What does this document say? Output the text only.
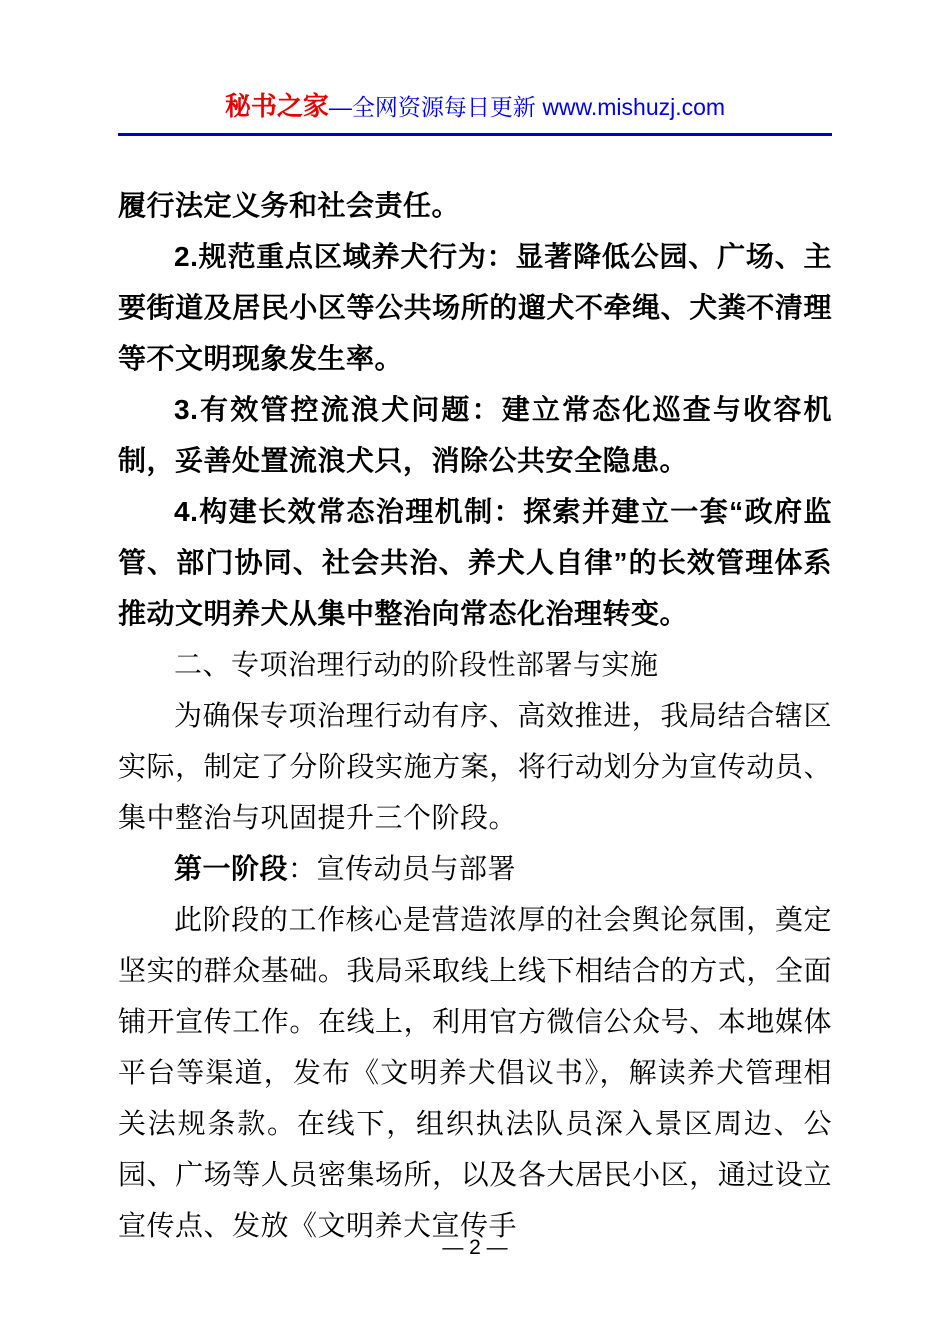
秘书之家—全网资源每日更新 www.mishuzj.com

履行法定义务和社会责任。

2.规范重点区域养犬行为：显著降低公园、广场、主要街道及居民小区等公共场所的遛犬不牵绳、犬粪不清理等不文明现象发生率。

3.有效管控流浪犬问题：建立常态化巡查与收容机制，妥善处置流浪犬只，消除公共安全隐患。

4.构建长效常态治理机制：探索并建立一套“政府监管、部门协同、社会共治、养犬人自律”的长效管理体系推动文明养犬从集中整治向常态化治理转变。

二、专项治理行动的阶段性部署与实施

为确保专项治理行动有序、高效推进，我局结合辖区实际，制定了分阶段实施方案，将行动划分为宣传动员、集中整治与巩固提升三个阶段。

第一阶段：宣传动员与部署

此阶段的工作核心是营造浓厚的社会舆论氛围，奠定坚实的群众基础。我局采取线上线下相结合的方式，全面铺开宣传工作。在线上，利用官方微信公众号、本地媒体平台等渠道，发布《文明养犬倡议书》，解读养犬管理相关法规条款。在线下，组织执法队员深入景区周边、公园、广场等人员密集场所，以及各大居民小区，通过设立宣传点、发放《文明养犬宣传手

— 2 —
